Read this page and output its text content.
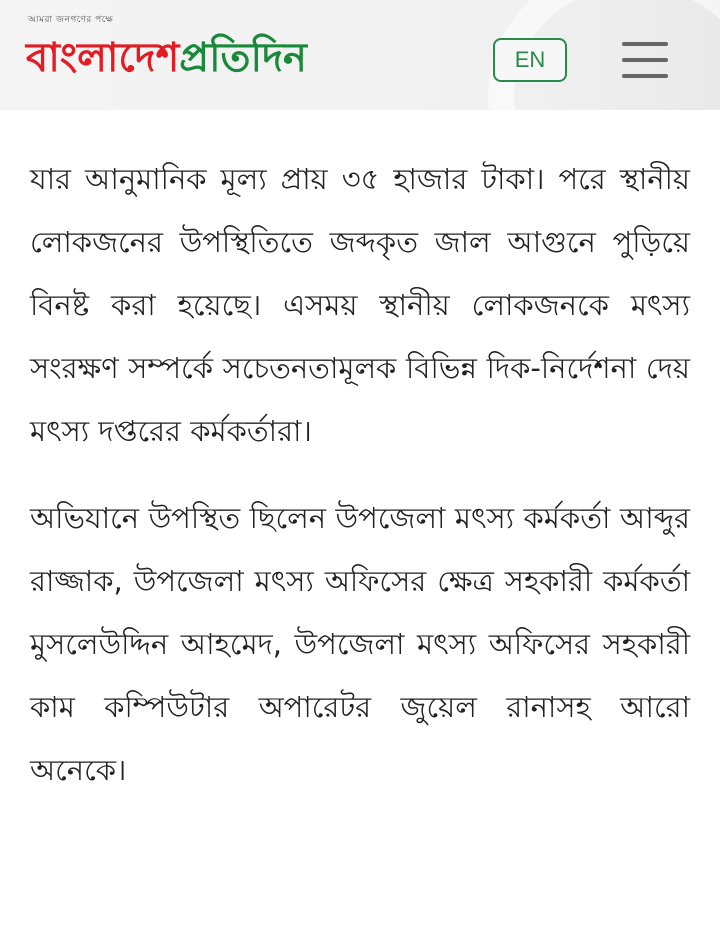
আমরা জনগণের পক্ষে
বাংলাদেশ প্রতিদিন	EN

যার আনুমানিক মূল্য প্রায় ৩৫ হাজার টাকা। পরে স্থানীয় লোকজনের উপস্থিতিতে জব্দকৃত জাল আগুনে পুড়িয়ে বিনষ্ট করা হয়েছে। এসময় স্থানীয় লোকজনকে মৎস্য সংরক্ষণ সম্পর্কে সচেতনতামূলক বিভিন্ন দিক-নির্দেশনা দেয় মৎস্য দপ্তরের কর্মকর্তারা।

অভিযানে উপস্থিত ছিলেন উপজেলা মৎস্য কর্মকর্তা আব্দুর রাজ্জাক, উপজেলা মৎস্য অফিসের ক্ষেত্র সহকারী কর্মকর্তা মুসলেউদ্দিন আহমেদ, উপজেলা মৎস্য অফিসের সহকারী কাম কম্পিউটার অপারেটর জুয়েল রানাসহ আরো অনেকে।
